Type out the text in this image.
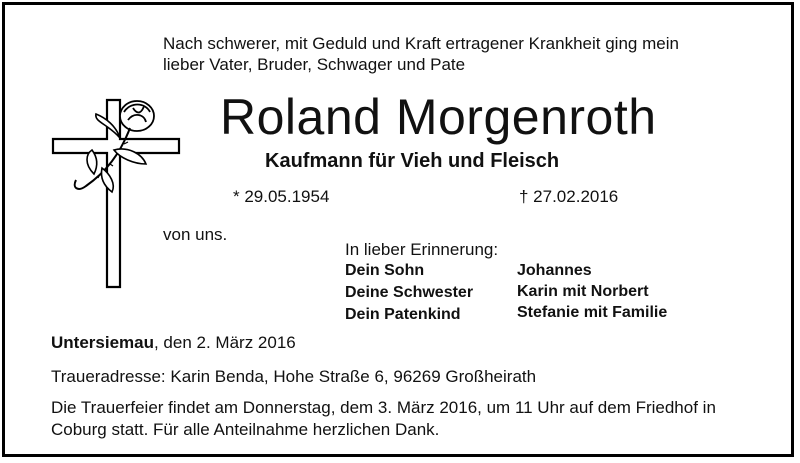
Nach schwerer, mit Geduld und Kraft ertragener Krankheit ging mein
lieber Vater, Bruder, Schwager und Pate
Roland Morgenroth
Kaufmann für Vieh und Fleisch
* 29.05.1954	† 27.02.2016
von uns.
In lieber Erinnerung:
Dein Sohn
Deine Schwester
Dein Patenkind
Johannes
Karin mit Norbert
Stefanie mit Familie
Untersiemau, den 2. März 2016
Traueradresse: Karin Benda, Hohe Straße 6, 96269 Großheirath
Die Trauerfeier findet am Donnerstag, dem 3. März 2016, um 11 Uhr auf dem Friedhof in
Coburg statt. Für alle Anteilnahme herzlichen Dank.
